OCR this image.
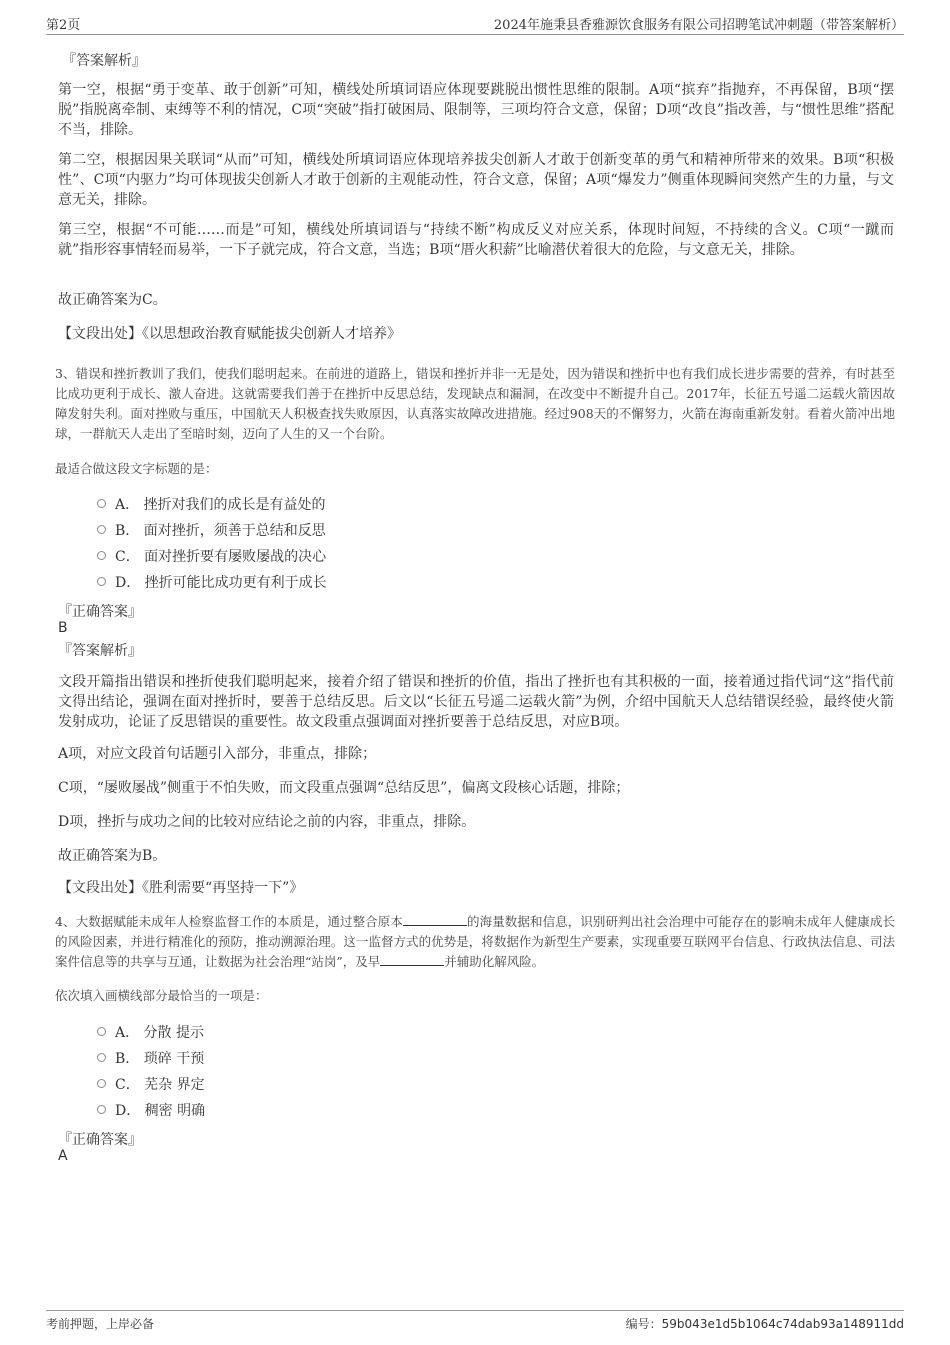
第2页	2024年施秉县香雅源饮食服务有限公司招聘笔试冲刺题（带答案解析）
『答案解析』
第一空，根据“勇于变革、敢于创新”可知，横线处所填词语应体现要跳脱出惯性思维的限制。A项“摈弃”指抛弃，不再保留，B项“摆脱”指脱离牵制、束缚等不利的情况，C项“突破”指打破困局、限制等，三项均符合文意，保留；D项“改良”指改善，与“惯性思维”搭配不当，排除。
第二空，根据因果关联词“从而”可知，横线处所填词语应体现培养拔尖创新人才敢于创新变革的勇气和精神所带来的效果。B项“积极性”、C项“内驱力”均可体现拔尖创新人才敢于创新的主观能动性，符合文意，保留；A项“爆发力”侧重体现瞬间突然产生的力量，与文意无关，排除。
第三空，根据“不可能……而是”可知，横线处所填词语与“持续不断”构成反义对应关系，体现时间短，不持续的含义。C项“一蹴而就”指形容事情轻而易举，一下子就完成，符合文意，当选；B项“厝火积薪”比喻潜伏着很大的危险，与文意无关，排除。
故正确答案为C。
【文段出处】《以思想政治教育赋能拔尖创新人才培养》
3、错误和挫折教训了我们，使我们聪明起来。在前进的道路上，错误和挫折并非一无是处，因为错误和挫折中也有我们成长进步需要的营养，有时甚至比成功更利于成长、激人奋进。这就需要我们善于在挫折中反思总结，发现缺点和漏洞，在改变中不断提升自己。2017年，长征五号遥二运载火箭因故障发射失利。面对挫败与重压，中国航天人积极查找失败原因，认真落实故障改进措施。经过908天的不懈努力，火箭在海南重新发射。看着火箭冲出地球，一群航天人走出了至暗时刻，迈向了人生的又一个台阶。
最适合做这段文字标题的是：
A． 挫折对我们的成长是有益处的
B． 面对挫折，须善于总结和反思
C． 面对挫折要有屡败屡战的决心
D． 挫折可能比成功更有利于成长
『正确答案』
B
『答案解析』
文段开篇指出错误和挫折使我们聪明起来，接着介绍了错误和挫折的价值，指出了挫折也有其积极的一面，接着通过指代词“这”指代前文得出结论，强调在面对挫折时，要善于总结反思。后文以“长征五号遥二运载火箭”为例，介绍中国航天人总结错误经验，最终使火箭发射成功，论证了反思错误的重要性。故文段重点强调面对挫折要善于总结反思，对应B项。
A项，对应文段首句话题引入部分，非重点，排除；
C项，“屡败屡战”侧重于不怕失败，而文段重点强调“总结反思”，偏离文段核心话题，排除；
D项，挫折与成功之间的比较对应结论之前的内容，非重点，排除。
故正确答案为B。
【文段出处】《胜利需要“再坚持一下”》
4、大数据赋能未成年人检察监督工作的本质是，通过整合原本	的海量数据和信息，识别研判出社会治理中可能存在的影响未成年人健康成长的风险因素，并进行精准化的预防，推动溯源治理。这一监督方式的优势是，将数据作为新型生产要素，实现重要互联网平台信息、行政执法信息、司法案件信息等的共享与互通，让数据为社会治理“站岗”，及早	并辅助化解风险。
依次填入画横线部分最恰当的一项是：
A． 分散 提示
B． 琐碎 干预
C． 芜杂 界定
D． 稠密 明确
『正确答案』
A
考前押题，上岸必备	编号：59b043e1d5b1064c74dab93a148911dd
